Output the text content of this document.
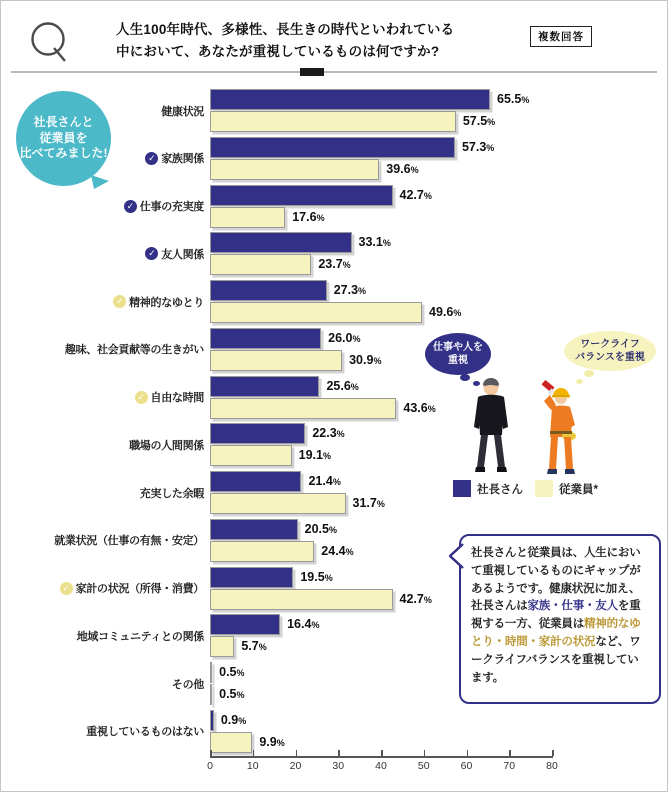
人生100年時代、多様性、長生きの時代といわれている
中において、あなたが重視しているものは何ですか?
複数回答
社長さんと
従業員を
比べてみました!
健康状況
65.5%
57.5%
✓ 家族関係
57.3%
39.6%
✓ 仕事の充実度
42.7%
17.6%
✓ 友人関係
33.1%
23.7%
✓ 精神的なゆとり
27.3%
49.6%
趣味、社会貢献等の生きがい
26.0%
30.9%
✓ 自由な時間
25.6%
43.6%
職場の人間関係
22.3%
19.1%
充実した余暇
21.4%
31.7%
就業状況（仕事の有無・安定）
20.5%
24.4%
✓ 家計の状況（所得・消費）
19.5%
42.7%
地域コミュニティとの関係
16.4%
5.7%
その他
0.5%
0.5%
重視しているものはない
0.9%
9.9%
0	10	20	30	40	50	60	70	80
仕事や人を
重視
ワークライフ
バランスを重視
社長さん	従業員*
社長さんと従業員は、人生において重視しているものにギャップがあるようです。健康状況に加え、社長さんは家族・仕事・友人を重視する一方、従業員は精神的なゆとり・時間・家計の状況など、ワークライフバランスを重視しています。
